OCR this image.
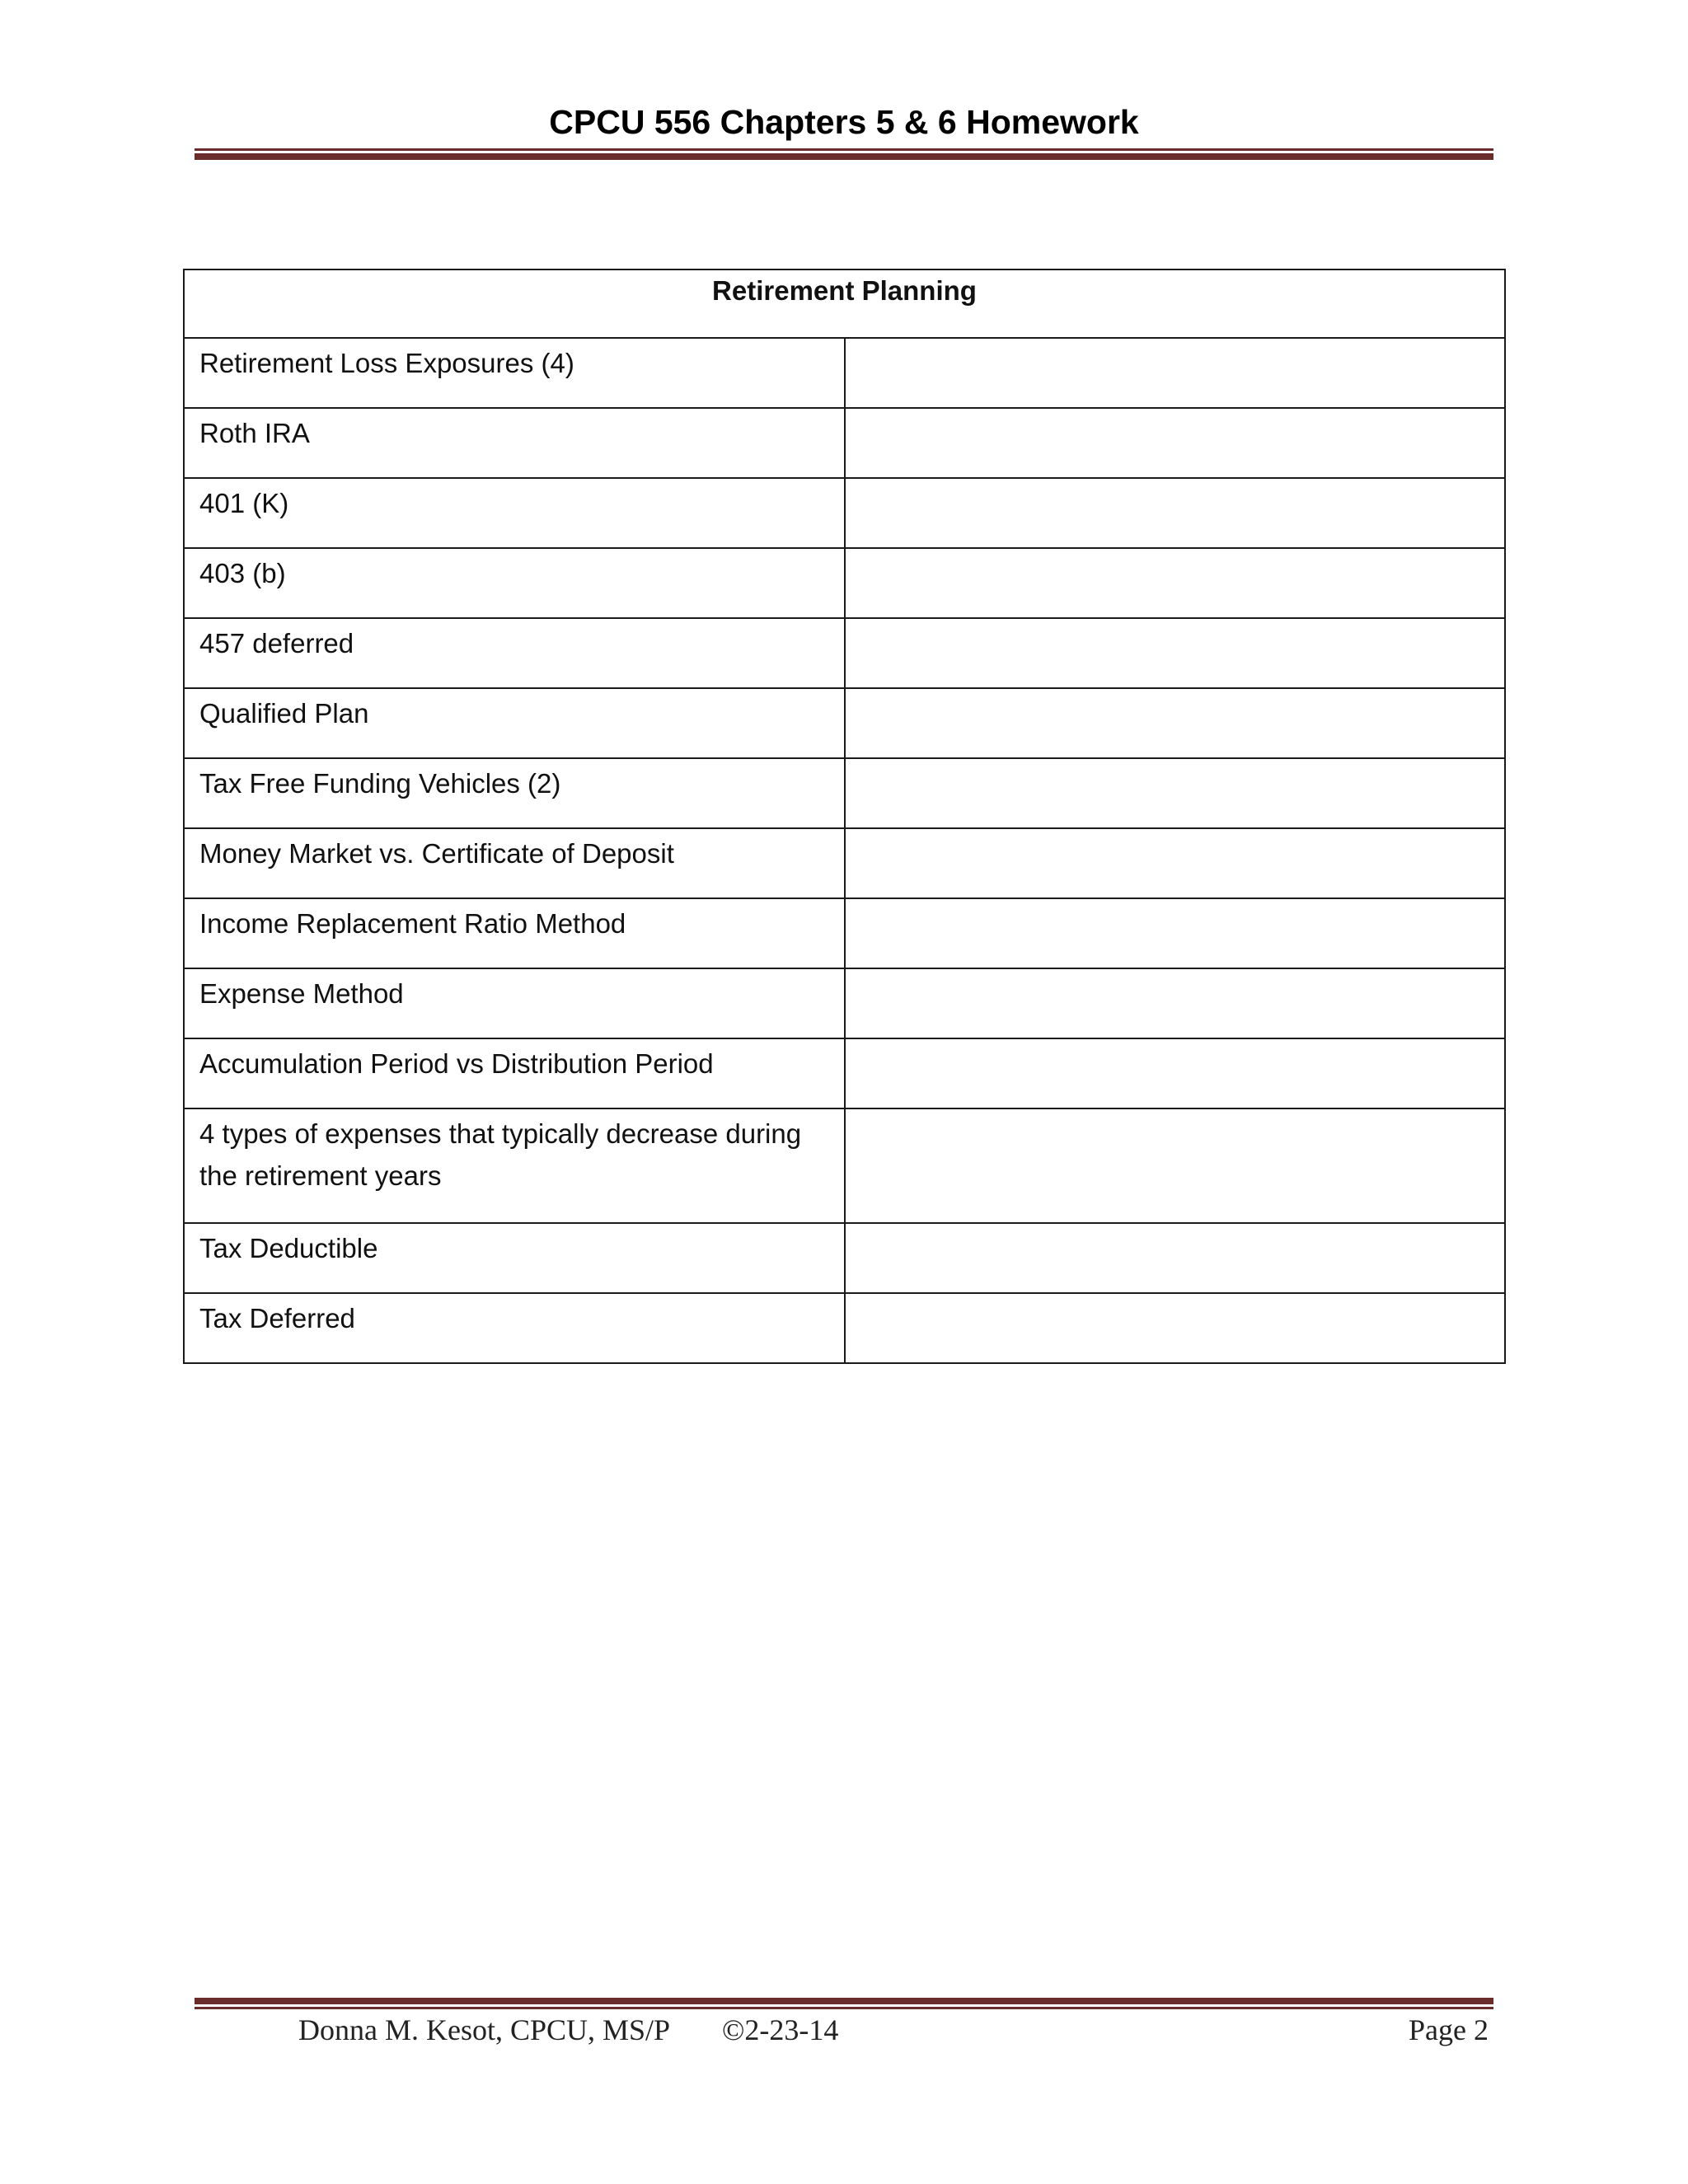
CPCU 556 Chapters 5 & 6 Homework
Retirement Planning	
Retirement Loss Exposures (4)	
Roth IRA	
401 (K)	
403 (b)	
457 deferred	
Qualified Plan	
Tax Free Funding Vehicles (2)	
Money Market vs. Certificate of Deposit	
Income Replacement Ratio Method	
Expense Method	
Accumulation Period vs Distribution Period	
4 types of expenses that typically decrease during the retirement years	
Tax Deductible	
Tax Deferred	
Donna M. Kesot, CPCU, MS/P ©2-23-14	Page 2
